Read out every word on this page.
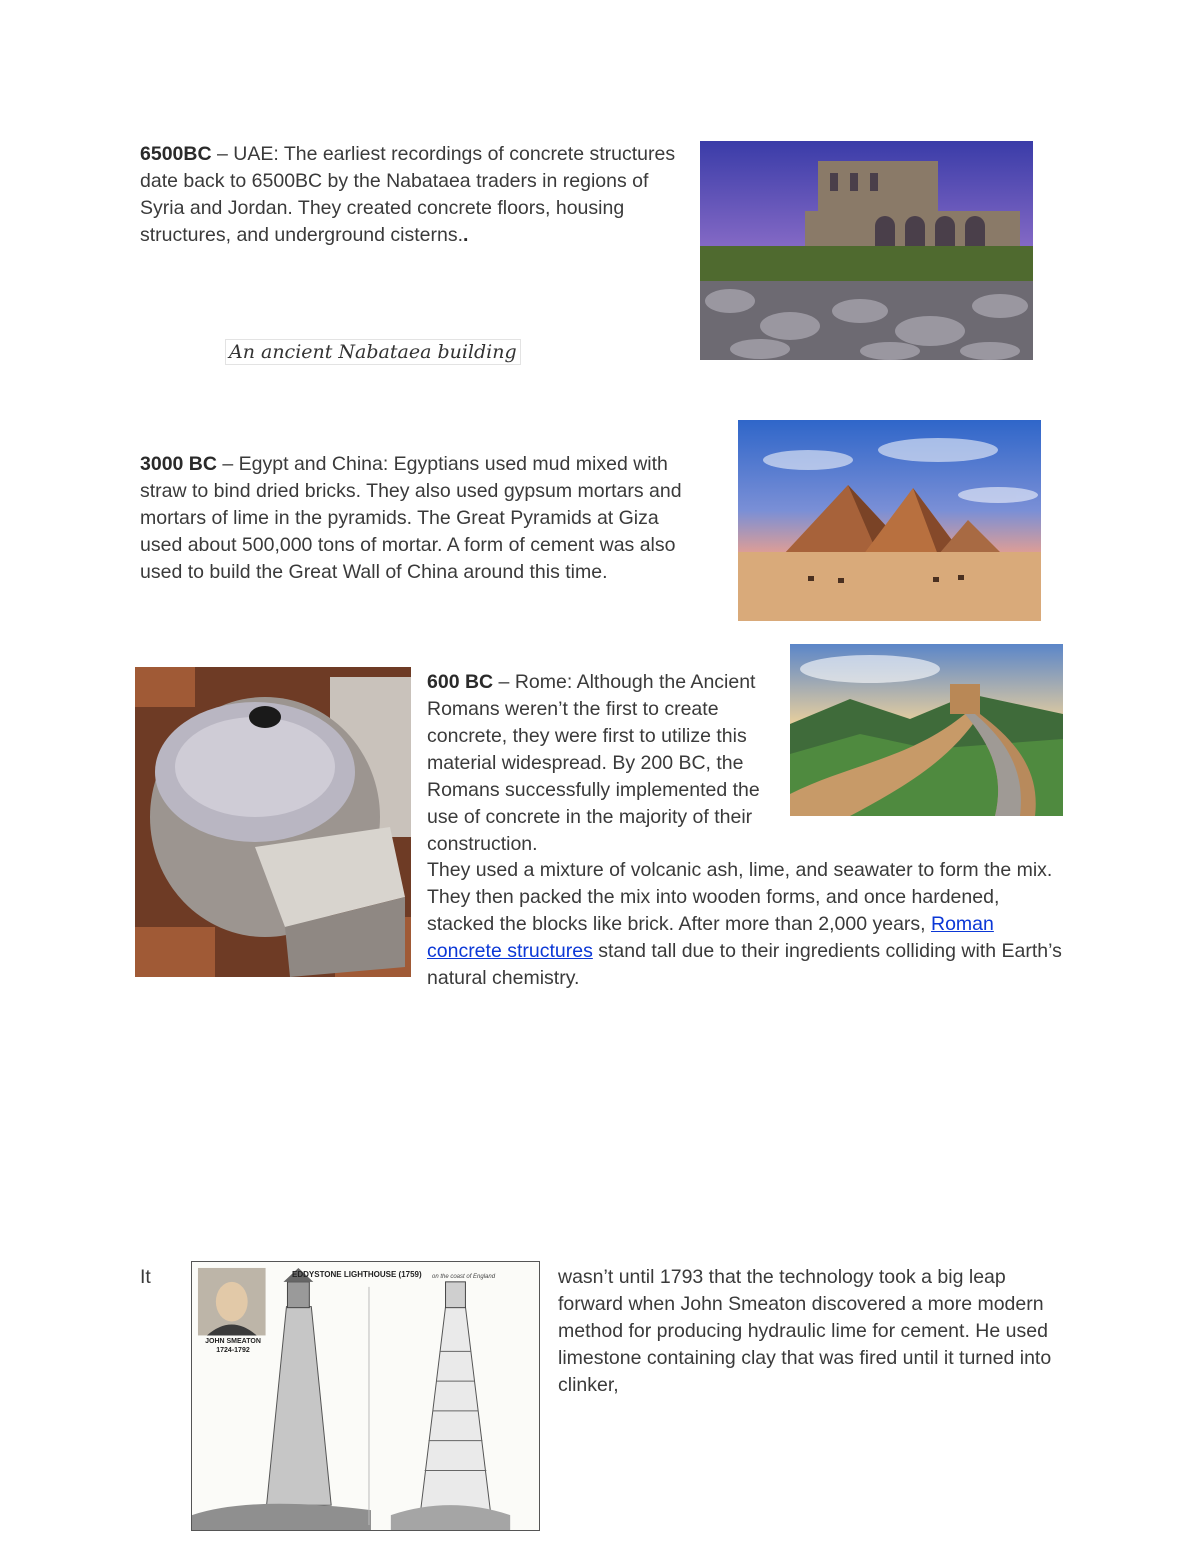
6500BC – UAE: The earliest recordings of concrete structures date back to 6500BC by the Nabataea traders in regions of Syria and Jordan. They created concrete floors, housing structures, and underground cisterns..

An ancient Nabataea building

3000 BC – Egypt and China: Egyptians used mud mixed with straw to bind dried bricks. They also used gypsum mortars and mortars of lime in the pyramids. The Great Pyramids at Giza used about 500,000 tons of mortar. A form of cement was also used to build the Great Wall of China around this time.

600 BC – Rome: Although the Ancient Romans weren’t the first to create concrete, they were first to utilize this material widespread. By 200 BC, the Romans successfully implemented the use of concrete in the majority of their construction.

They used a mixture of volcanic ash, lime, and seawater to form the mix. They then packed the mix into wooden forms, and once hardened, stacked the blocks like brick. After more than 2,000 years, Roman concrete structures stand tall due to their ingredients colliding with Earth’s natural chemistry.

It	EDDYSTONE LIGHTHOUSE (1759) on the coast of England
JOHN SMEATON
1724-1792

wasn’t until 1793 that the technology took a big leap forward when John Smeaton discovered a more modern method for producing hydraulic lime for cement. He used limestone containing clay that was fired until it turned into clinker,
